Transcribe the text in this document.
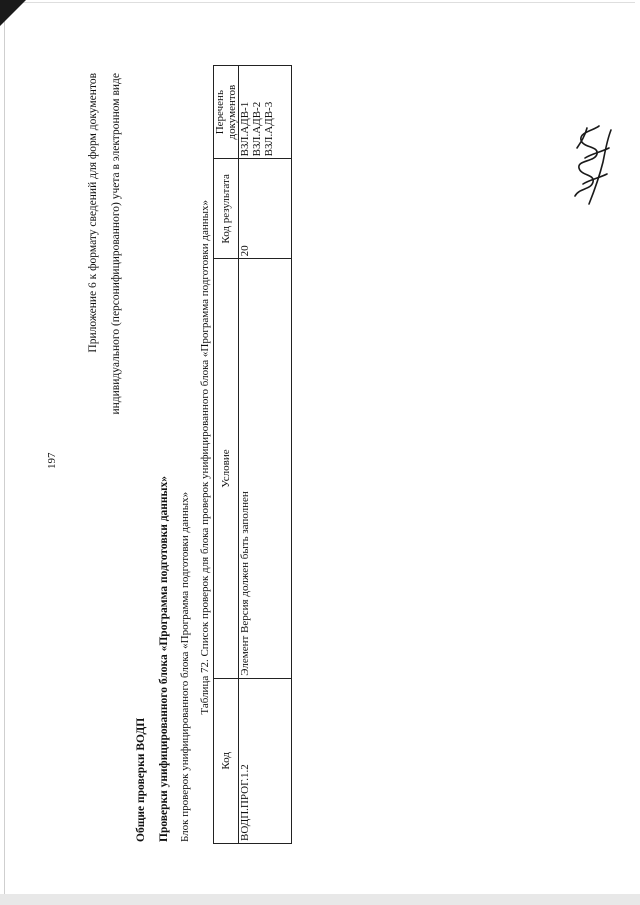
197
Приложение 6 к формату сведений для форм документов индивидуального (персонифицированного) учета в электронном виде
Общие проверки ВОДП Проверки унифицированного блока «Программа подготовки данных» Блок проверок унифицированного блока «Программа подготовки данных» Таблица 72. Список проверок для блока проверок унифицированного блока «Программа подготовки данных»
Код	Условие	Код результата	Перечень документов
ВОДП.ПРОГ.1.2	Элемент Версия должен быть заполнен	20	ВЗЛ.АДВ-1 ВЗЛ.АДВ-2 ВЗЛ.АДВ-3
